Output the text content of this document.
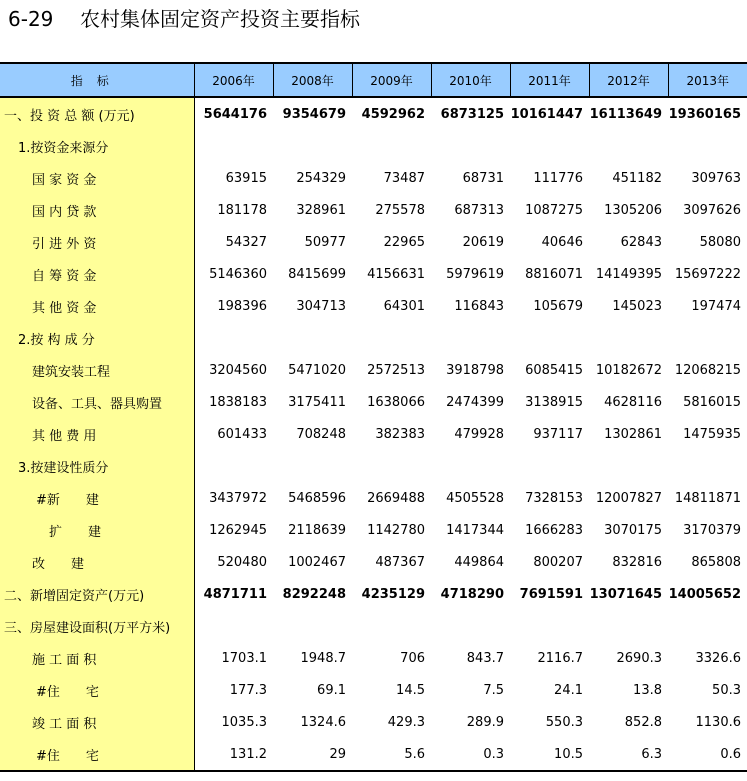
6-29 农村集体固定资产投资主要指标
指标	2006年	2008年	2009年	2010年	2011年	2012年	2013年
一、投 资 总 额 (万元)	5644176	9354679	4592962	6873125	10161447	16113649	19360165
1.按资金来源分							
国 家 资 金	63915	254329	73487	68731	111776	451182	309763
国 内 贷 款	181178	328961	275578	687313	1087275	1305206	3097626
引 进 外 资	54327	50977	22965	20619	40646	62843	58080
自 筹 资 金	5146360	8415699	4156631	5979619	8816071	14149395	15697222
其 他 资 金	198396	304713	64301	116843	105679	145023	197474
2.按 构 成 分							
建筑安装工程	3204560	5471020	2572513	3918798	6085415	10182672	12068215
设备、工具、器具购置	1838183	3175411	1638066	2474399	3138915	4628116	5816015
其 他 费 用	601433	708248	382383	479928	937117	1302861	1475935
3.按建设性质分							
#新　　建	3437972	5468596	2669488	4505528	7328153	12007827	14811871
　扩　　建	1262945	2118639	1142780	1417344	1666283	3070175	3170379
改　　建	520480	1002467	487367	449864	800207	832816	865808
二、新增固定资产(万元)	4871711	8292248	4235129	4718290	7691591	13071645	14005652
三、房屋建设面积(万平方米)							
施 工 面 积	1703.1	1948.7	706	843.7	2116.7	2690.3	3326.6
#住　　宅	177.3	69.1	14.5	7.5	24.1	13.8	50.3
竣 工 面 积	1035.3	1324.6	429.3	289.9	550.3	852.8	1130.6
#住　　宅	131.2	29	5.6	0.3	10.5	6.3	0.6
